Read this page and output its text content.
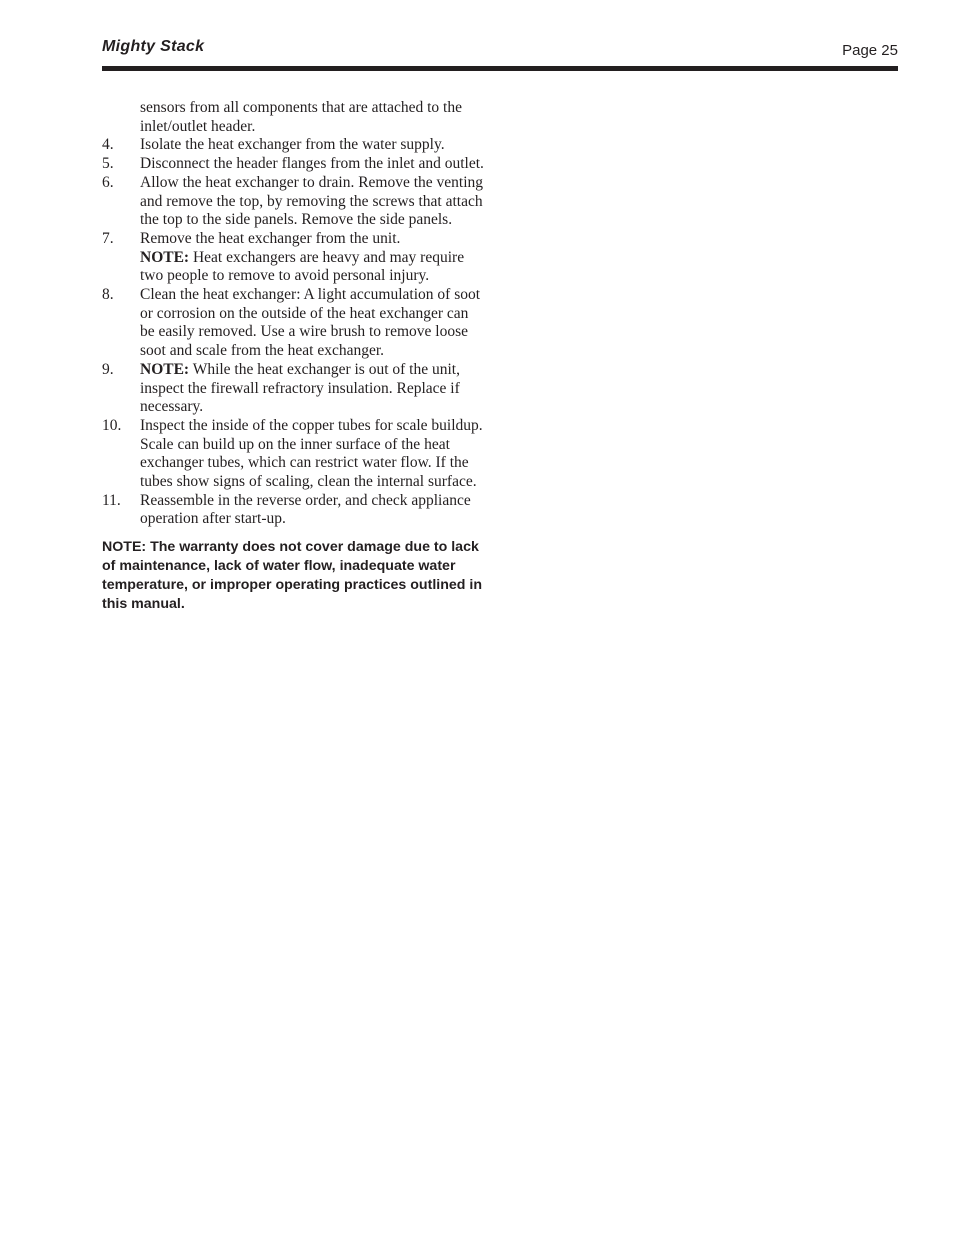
Mighty Stack	Page 25
sensors from all components that are attached to the inlet/outlet header.
4. Isolate the heat exchanger from the water supply.
5. Disconnect the header flanges from the inlet and outlet.
6. Allow the heat exchanger to drain. Remove the venting and remove the top, by removing the screws that attach the top to the side panels. Remove the side panels.
7. Remove the heat exchanger from the unit.
NOTE: Heat exchangers are heavy and may require two people to remove to avoid personal injury.
8. Clean the heat exchanger: A light accumulation of soot or corrosion on the outside of the heat exchanger can be easily removed. Use a wire brush to remove loose soot and scale from the heat exchanger.
9. NOTE: While the heat exchanger is out of the unit, inspect the firewall refractory insulation. Replace if necessary.
10. Inspect the inside of the copper tubes for scale buildup. Scale can build up on the inner surface of the heat exchanger tubes, which can restrict water flow. If the tubes show signs of scaling, clean the internal surface.
11. Reassemble in the reverse order, and check appliance operation after start-up.
NOTE: The warranty does not cover damage due to lack of maintenance, lack of water flow, inadequate water temperature, or improper operating practices outlined in this manual.
